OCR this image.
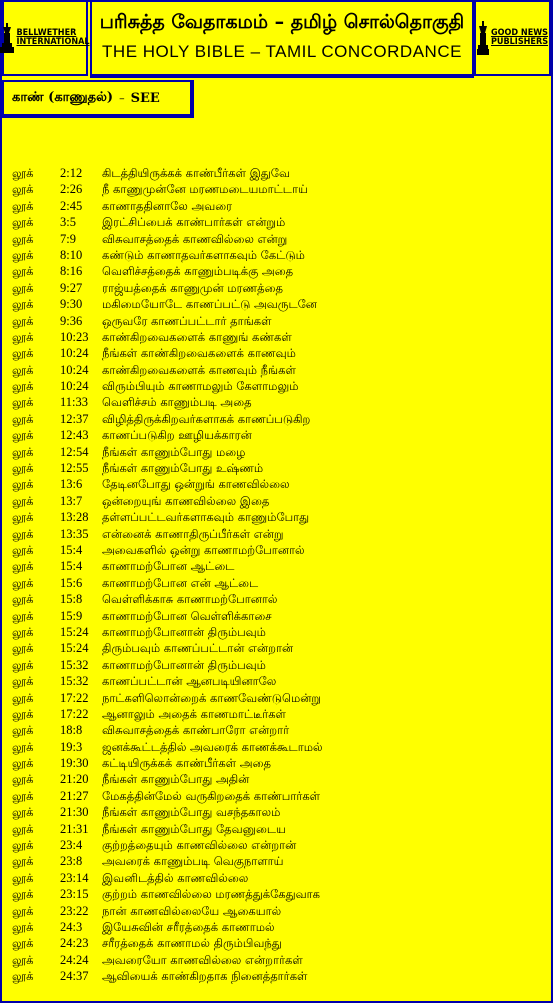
BELLWETHER
INTERNATIONAL
பரிசுத்த வேதாகமம் – தமிழ் சொல்தொகுதி
THE HOLY BIBLE – TAMIL CONCORDANCE
GOOD NEWS
PUBLISHERS
காண் (காணுதல்) – SEE
லூக்	2:12	கிடத்தியிருக்கக் காண்பீர்கள் இதுவே
லூக்	2:26	நீ காணுமுன்னே மரணமடையமாட்டாய்
லூக்	2:45	காணாததினாலே அவரை
லூக்	3:5	இரட்சிப்பைக் காண்பார்கள் என்றும்
லூக்	7:9	விசுவாசத்தைக் காணவில்லை என்று
லூக்	8:10	கண்டும் காணாதவர்களாகவும் கேட்டும்
லூக்	8:16	வெளிச்சத்தைக் காணும்படிக்கு அதை
லூக்	9:27	ராஜ்யத்தைக் காணுமுன் மரணத்தை
லூக்	9:30	மகிமையோடே காணப்பட்டு அவருடனே
லூக்	9:36	ஒருவரே காணப்பட்டார் தாங்கள்
லூக்	10:23	காண்கிறவைகளைக் காணுங் கண்கள்
லூக்	10:24	நீங்கள் காண்கிறவைகளைக் காணவும்
லூக்	10:24	காண்கிறவைகளைக் காணவும் நீங்கள்
லூக்	10:24	விரும்பியும் காணாமலும் கேளாமலும்
லூக்	11:33	வெளிச்சம் காணும்படி அதை
லூக்	12:37	விழித்திருக்கிறவர்களாகக் காணப்படுகிற
லூக்	12:43	காணப்படுகிற ஊழியக்காரன்
லூக்	12:54	நீங்கள் காணும்போது மழை
லூக்	12:55	நீங்கள் காணும்போது உஷ்ணம்
லூக்	13:6	தேடினபோது ஒன்றுங் காணவில்லை
லூக்	13:7	ஒன்றையுங் காணவில்லை இதை
லூக்	13:28	தள்ளப்பட்டவர்களாகவும் காணும்போது
லூக்	13:35	என்னைக் காணாதிருப்பீர்கள் என்று
லூக்	15:4	அவைகளில் ஒன்று காணாமற்போனால்
லூக்	15:4	காணாமற்போன ஆட்டை
லூக்	15:6	காணாமற்போன என் ஆட்டை
லூக்	15:8	வெள்ளிக்காசு காணாமற்போனால்
லூக்	15:9	காணாமற்போன வெள்ளிக்காசை
லூக்	15:24	காணாமற்போனான் திரும்பவும்
லூக்	15:24	திரும்பவும் காணப்பட்டான் என்றான்
லூக்	15:32	காணாமற்போனான் திரும்பவும்
லூக்	15:32	காணப்பட்டான் ஆனபடியினாலே
லூக்	17:22	நாட்களிலொன்றைக் காணவேண்டுமென்று
லூக்	17:22	ஆனாலும் அதைக் காணமாட்டீர்கள்
லூக்	18:8	விசுவாசத்தைக் காண்பாரோ என்றார்
லூக்	19:3	ஜனக்கூட்டத்தில் அவரைக் காணக்கூடாமல்
லூக்	19:30	கட்டியிருக்கக் காண்பீர்கள் அதை
லூக்	21:20	நீங்கள் காணும்போது அதின்
லூக்	21:27	மேகத்தின்மேல் வருகிறதைக் காண்பார்கள்
லூக்	21:30	நீங்கள் காணும்போது வசந்தகாலம்
லூக்	21:31	நீங்கள் காணும்போது தேவனுடைய
லூக்	23:4	குற்றத்தையும் காணவில்லை என்றான்
லூக்	23:8	அவரைக் காணும்படி வெகுநாளாய்
லூக்	23:14	இவனிடத்தில் காணவில்லை
லூக்	23:15	குற்றம் காணவில்லை மரணத்துக்கேதுவாக
லூக்	23:22	நான் காணவில்லையே ஆகையால்
லூக்	24:3	இயேசுவின் சரீரத்தைக் காணாமல்
லூக்	24:23	சரீரத்தைக் காணாமல் திரும்பிவந்து
லூக்	24:24	அவரையோ காணவில்லை என்றார்கள்
லூக்	24:37	ஆவியைக் காண்கிறதாக நினைத்தார்கள்
